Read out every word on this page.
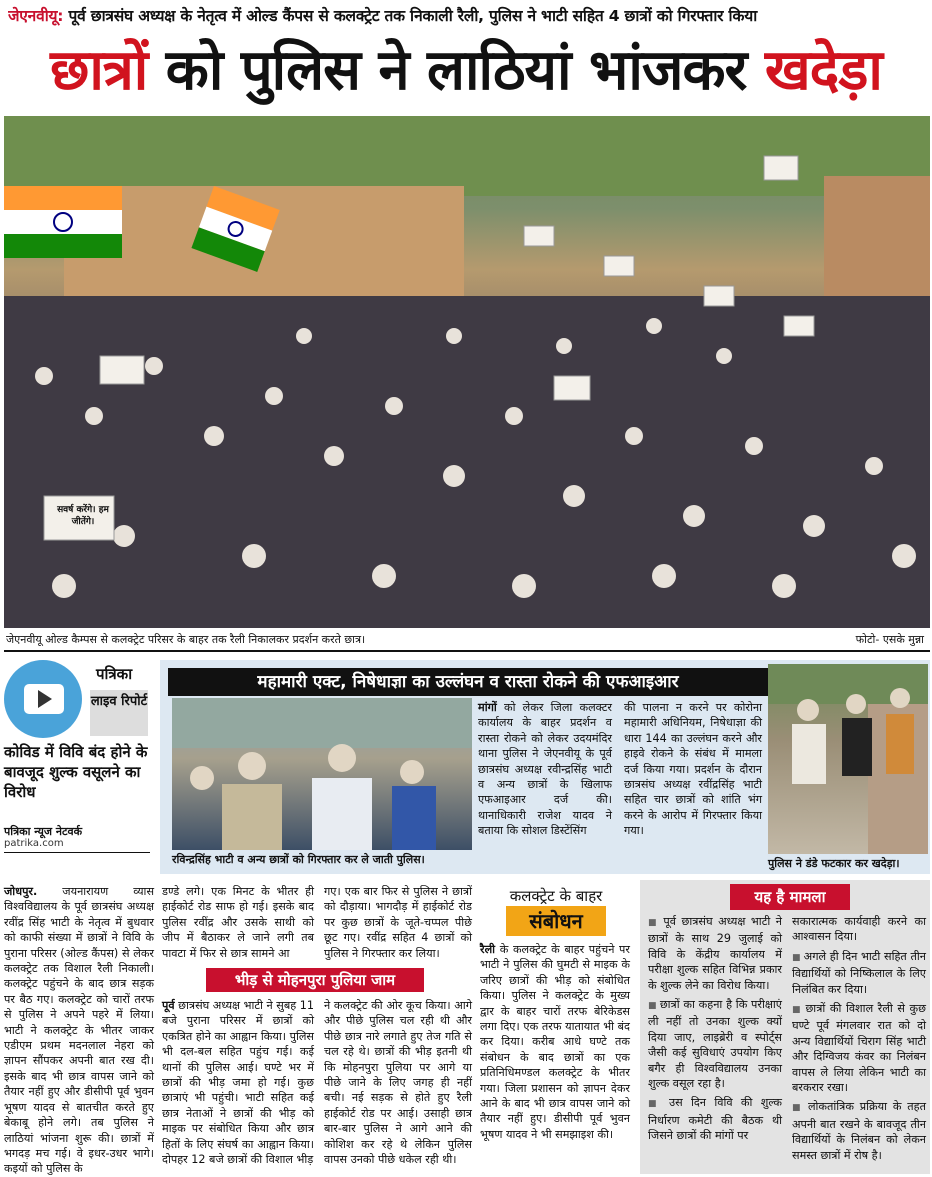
जेएनवीयू: पूर्व छात्रसंघ अध्यक्ष के नेतृत्व में ओल्ड कैंपस से कलक्ट्रेट तक निकाली रैली, पुलिस ने भाटी सहित 4 छात्रों को गिरफ्तार किया
छात्रों को पुलिस ने लाठियां भांजकर खदेड़ा
सवर्ष करेंगे। हम जीतेंगे।
जेएनवीयू ओल्ड कैम्पस से कलक्ट्रेट परिसर के बाहर तक रैली निकालकर प्रदर्शन करते छात्र।	फोटो- एसके मुन्ना
पत्रिका
लाइव रिपोर्ट
कोविड में विवि बंद होने के बावजूद शुल्क वसूलने का विरोध
पत्रिका न्यूज नेटवर्क
patrika.com
महामारी एक्ट, निषेधाज्ञा का उल्लंघन व रास्ता रोकने की एफआइआर
रविन्द्रसिंह भाटी व अन्य छात्रों को गिरफ्तार कर ले जाती पुलिस।	पुलिस ने डंडे फटकार कर खदेड़ा।
मांगों को लेकर जिला कलक्टर कार्यालय के बाहर प्रदर्शन व रास्ता रोकने को लेकर उदयमंदिर थाना पुलिस ने जेएनवीयू के पूर्व छात्रसंघ अध्यक्ष रवीन्द्रसिंह भाटी व अन्य छात्रों के खिलाफ एफआइआर दर्ज की। थानाधिकारी राजेश यादव ने बताया कि सोशल डिस्टेंसिंग
की पालना न करने पर कोरोना महामारी अधिनियम, निषेधाज्ञा की धारा 144 का उल्लंघन करने और हाइवे रोकने के संबंध में मामला दर्ज किया गया। प्रदर्शन के दौरान छात्रसंघ अध्यक्ष रवींद्रसिंह भाटी सहित चार छात्रों को शांति भंग करने के आरोप में गिरफ्तार किया गया।
जोधपुर. जयनारायण व्यास विश्वविद्यालय के पूर्व छात्रसंघ अध्यक्ष रवींद्र सिंह भाटी के नेतृत्व में बुधवार को काफी संख्या में छात्रों ने विवि के पुराना परिसर (ओल्ड कैंपस) से लेकर कलक्ट्रेट तक विशाल रैली निकाली। कलक्ट्रेट पहुंचने के बाद छात्र सड़क पर बैठ गए। कलक्ट्रेट को चारों तरफ से पुलिस ने अपने पहरे में लिया। भाटी ने कलक्ट्रेट के भीतर जाकर एडीएम प्रथम मदनलाल नेहरा को ज्ञापन सौंपकर अपनी बात रख दी। इसके बाद भी छात्र वापस जाने को तैयार नहीं हुए और डीसीपी पूर्व भुवन भूषण यादव से बातचीत करते हुए बेकाबू होने लगे। तब पुलिस ने लाठियां भांजना शुरू की। छात्रों में भगदड़ मच गई। वे इधर-उधर भागे। कइयों को पुलिस के
डण्डे लगे। एक मिनट के भीतर ही हाईकोर्ट रोड साफ हो गई। इसके बाद पुलिस रवींद्र और उसके साथी को जीप में बैठाकर ले जाने लगी तब पावटा में फिर से छात्र सामने आ
गए। एक बार फिर से पुलिस ने छात्रों को दौड़ाया। भागदौड़ में हाईकोर्ट रोड पर कुछ छात्रों के जूते-चप्पल पीछे छूट गए। रवींद्र सहित 4 छात्रों को पुलिस ने गिरफ्तार कर लिया।
भीड़ से मोहनपुरा पुलिया जाम
पूर्व छात्रसंघ अध्यक्ष भाटी ने सुबह 11 बजे पुराना परिसर में छात्रों को एकत्रित होने का आह्वान किया। पुलिस भी दल-बल सहित पहुंच गई। कई थानों की पुलिस आई। घण्टे भर में छात्रों की भीड़ जमा हो गई। कुछ छात्राएं भी पहुंची। भाटी सहित कई छात्र नेताओं ने छात्रों की भीड़ को माइक पर संबोधित किया और छात्र हितों के लिए संघर्ष का आह्वान किया। दोपहर 12 बजे छात्रों की विशाल भीड़
ने कलक्ट्रेट की ओर कूच किया। आगे और पीछे पुलिस चल रही थी और पीछे छात्र नारे लगाते हुए तेज गति से चल रहे थे। छात्रों की भीड़ इतनी थी कि मोहनपुरा पुलिया पर आगे या पीछे जाने के लिए जगह ही नहीं बची। नई सड़क से होते हुए रैली हाईकोर्ट रोड पर आई। उसाही छात्र बार-बार पुलिस ने आगे आने की कोशिश कर रहे थे लेकिन पुलिस वापस उनको पीछे धकेल रही थी।
कलक्ट्रेट के बाहर
संबोधन
रैली के कलक्ट्रेट के बाहर पहुंचने पर भाटी ने पुलिस की घुमटी से माइक के जरिए छात्रों की भीड़ को संबोधित किया। पुलिस ने कलक्ट्रेट के मुख्य द्वार के बाहर चारों तरफ बेरिकेडस लगा दिए। एक तरफ यातायात भी बंद कर दिया। करीब आधे घण्टे तक संबोधन के बाद छात्रों का एक प्रतिनिधिमण्डल कलक्ट्रेट के भीतर गया। जिला प्रशासन को ज्ञापन देकर आने के बाद भी छात्र वापस जाने को तैयार नहीं हुए। डीसीपी पूर्व भुवन भूषण यादव ने भी समझाइश की।
यह है मामला

■ पूर्व छात्रसंघ अध्यक्ष भाटी ने छात्रों के साथ 29 जुलाई को विवि के केंद्रीय कार्यालय में परीक्षा शुल्क सहित विभिन्न प्रकार के शुल्क लेने का विरोध किया।

■ छात्रों का कहना है कि परीक्षाएं ली नहीं तो उनका शुल्क क्यों दिया जाए, लाइब्रेरी व स्पोर्ट्स जैसी कई सुविधाएं उपयोग किए बगैर ही विश्वविद्यालय उनका शुल्क वसूल रहा है।

■ उस दिन विवि की शुल्क निर्धारण कमेटी की बैठक थी जिसने छात्रों की मांगों पर

सकारात्मक कार्यवाही करने का आश्वासन दिया।

■ अगले ही दिन भाटी सहित तीन विद्यार्थियों को निष्किलाल के लिए निलंबित कर दिया।

■ छात्रों की विशाल रैली से कुछ घण्टे पूर्व मंगलवार रात को दो अन्य विद्यार्थियों चिराग सिंह भाटी और दिग्विजय कंवर का निलंबन वापस ले लिया लेकिन भाटी का बरकरार रखा।

■ लोकतांत्रिक प्रक्रिया के तहत अपनी बात रखने के बावजूद तीन विद्यार्थियों के निलंबन को लेकन समस्त छात्रों में रोष है।
